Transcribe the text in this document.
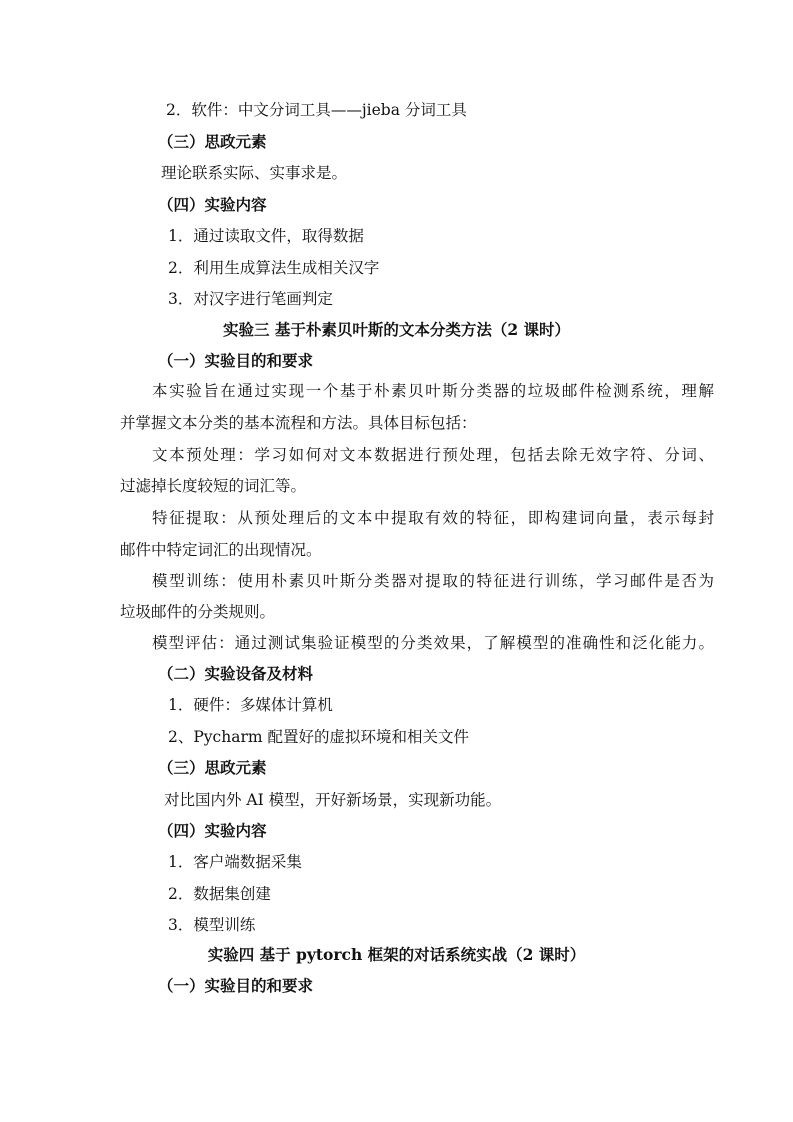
2．软件：中文分词工具——jieba 分词工具
（三）思政元素
理论联系实际、实事求是。
（四）实验内容
1．通过读取文件，取得数据
2．利用生成算法生成相关汉字
3．对汉字进行笔画判定
实验三 基于朴素贝叶斯的文本分类方法（2 课时）
（一）实验目的和要求
本实验旨在通过实现一个基于朴素贝叶斯分类器的垃圾邮件检测系统，理解
并掌握文本分类的基本流程和方法。具体目标包括：
文本预处理：学习如何对文本数据进行预处理，包括去除无效字符、分词、
过滤掉长度较短的词汇等。
特征提取：从预处理后的文本中提取有效的特征，即构建词向量，表示每封
邮件中特定词汇的出现情况。
模型训练：使用朴素贝叶斯分类器对提取的特征进行训练，学习邮件是否为
垃圾邮件的分类规则。
模型评估：通过测试集验证模型的分类效果，了解模型的准确性和泛化能力。
（二）实验设备及材料
1．硬件：多媒体计算机
2、Pycharm 配置好的虚拟环境和相关文件
（三）思政元素
对比国内外 AI 模型，开好新场景，实现新功能。
（四）实验内容
1．客户端数据采集
2．数据集创建
3．模型训练
实验四 基于 pytorch 框架的对话系统实战（2 课时）
（一）实验目的和要求
